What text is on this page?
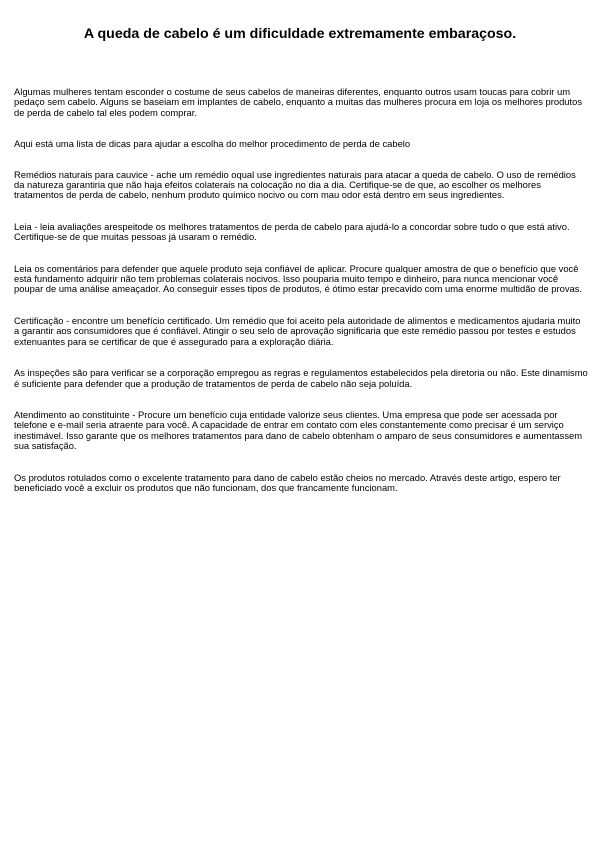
A queda de cabelo é um dificuldade extremamente embaraçoso.

Algumas mulheres tentam esconder o costume de seus cabelos de maneiras diferentes, enquanto outros usam toucas para cobrir um pedaço sem cabelo. Alguns se baseiam em implantes de cabelo, enquanto a muitas das mulheres procura em loja os melhores produtos de perda de cabelo tal eles podem comprar.

Aqui está uma lista de dicas para ajudar a escolha do melhor procedimento de perda de cabelo

Remédios naturais para cauvice - ache um remédio oqual use ingredientes naturais para atacar a queda de cabelo. O uso de remédios da natureza garantiria que não haja efeitos colaterais na colocação no dia a dia. Certifique-se de que, ao escolher os melhores tratamentos de perda de cabelo, nenhum produto químico nocivo ou com mau odor está dentro em seus ingredientes.

Leia - leia avaliações arespeitode os melhores tratamentos de perda de cabelo para ajudá-lo a concordar sobre tudo o que está ativo. Certifique-se de que muitas pessoas já usaram o remédio.

Leia os comentários para defender que aquele produto seja confiável de aplicar. Procure qualquer amostra de que o benefício que você está fundamento adquirir não tem problemas colaterais nocivos. Isso pouparia muito tempo e dinheiro, para nunca mencionar você poupar de uma análise ameaçador. Ao conseguir esses tipos de produtos, é ótimo estar precavido com uma enorme multidão de provas.

Certificação - encontre um benefício certificado. Um remédio que foi aceito pela autoridade de alimentos e medicamentos ajudaria muito a garantir aos consumidores que é confiável. Atingir o seu selo de aprovação significaria que este remédio passou por testes e estudos extenuantes para se certificar de que é assegurado para a exploração diária.

As inspeções são para verificar se a corporação empregou as regras e regulamentos estabelecidos pela diretoria ou não. Este dinamismo é suficiente para defender que a produção de tratamentos de perda de cabelo não seja poluída.

Atendimento ao constituinte - Procure um benefício cuja entidade valorize seus clientes. Uma empresa que pode ser acessada por telefone e e-mail seria atraente para você. A capacidade de entrar em contato com eles constantemente como precisar é um serviço inestimável. Isso garante que os melhores tratamentos para dano de cabelo obtenham o amparo de seus consumidores e aumentassem sua satisfação.

Os produtos rotulados como o excelente tratamento para dano de cabelo estão cheios no mercado. Através deste artigo, espero ter beneficiado você a excluir os produtos que não funcionam, dos que francamente funcionam.
